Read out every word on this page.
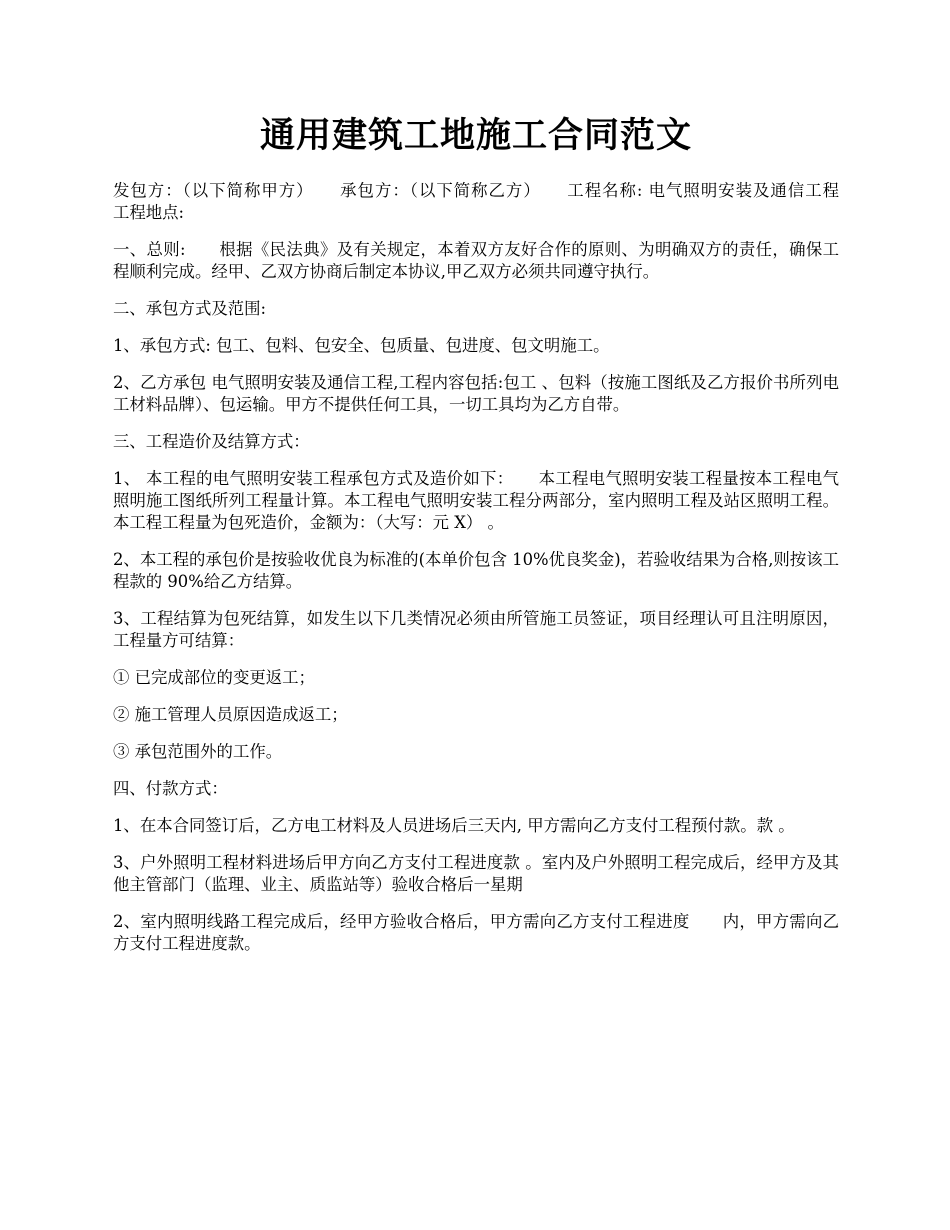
通用建筑工地施工合同范文

发包方：（以下简称甲方）　　承包方：（以下简称乙方）　　工程名称: 电气照明安装及通信工程　　工程地点:

一、总则:　　根据《民法典》及有关规定，本着双方友好合作的原则、为明确双方的责任，确保工程顺利完成。经甲、乙双方协商后制定本协议,甲乙双方必须共同遵守执行。

二、承包方式及范围:

1、承包方式: 包工、包料、包安全、包质量、包进度、包文明施工。

2、乙方承包 电气照明安装及通信工程,工程内容包括:包工 、包料（按施工图纸及乙方报价书所列电工材料品牌）、包运输。甲方不提供任何工具，一切工具均为乙方自带。

三、工程造价及结算方式：

1、 本工程的电气照明安装工程承包方式及造价如下：　　本工程电气照明安装工程量按本工程电气照明施工图纸所列工程量计算。本工程电气照明安装工程分两部分，室内照明工程及站区照明工程。 本工程工程量为包死造价，金额为：（大写：元 X） 。

2、本工程的承包价是按验收优良为标准的(本单价包含 10%优良奖金)，若验收结果为合格,则按该工程款的 90%给乙方结算。

3、工程结算为包死结算，如发生以下几类情况必须由所管施工员签证，项目经理认可且注明原因，工程量方可结算：

① 已完成部位的变更返工；

② 施工管理人员原因造成返工；

③ 承包范围外的工作。

四、付款方式：

1、在本合同签订后，乙方电工材料及人员进场后三天内, 甲方需向乙方支付工程预付款。款 。

3、户外照明工程材料进场后甲方向乙方支付工程进度款 。室内及户外照明工程完成后，经甲方及其他主管部门（监理、业主、质监站等）验收合格后一星期

2、室内照明线路工程完成后，经甲方验收合格后，甲方需向乙方支付工程进度　　内，甲方需向乙方支付工程进度款。
